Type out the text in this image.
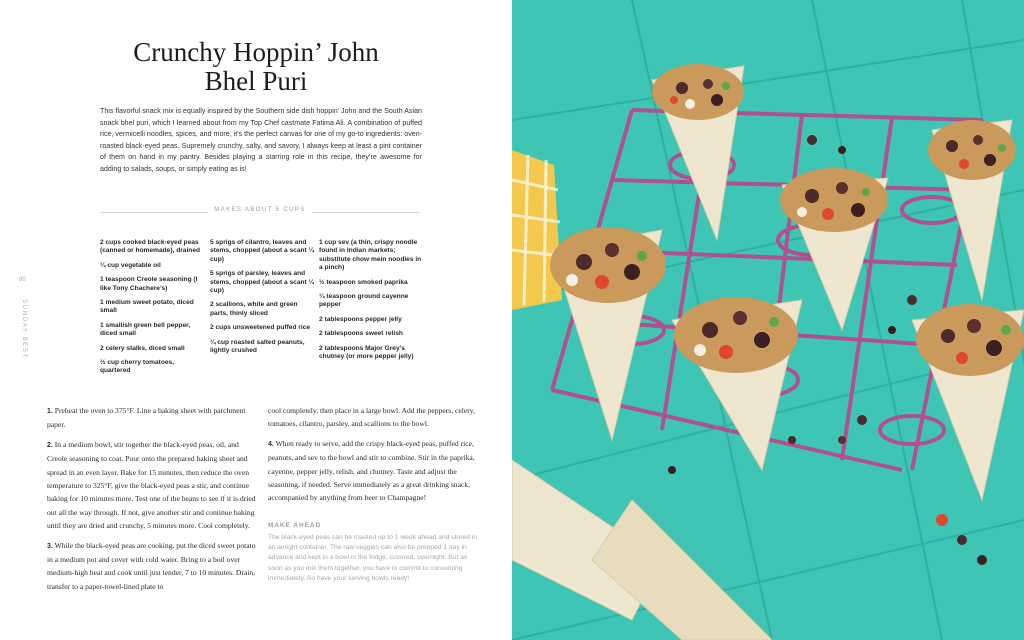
Crunchy Hoppin’ John
Bhel Puri
This flavorful snack mix is equally inspired by the Southern side dish hoppin’ John and the South Asian snack bhel puri, which I learned about from my Top Chef castmate Fatima Ali. A combination of puffed rice, vermicelli noodles, spices, and more, it’s the perfect canvas for one of my go-to ingredients: oven-roasted black-eyed peas. Supremely crunchy, salty, and savory, I always keep at least a pint container of them on hand in my pantry. Besides playing a starring role in this recipe, they’re awesome for adding to salads, soups, or simply eating as is!
MAKES ABOUT 5 CUPS
2 cups cooked black-eyed peas (canned or homemade), drained
¼ cup vegetable oil
1 teaspoon Creole seasoning (I like Tony Chachere’s)
1 medium sweet potato, diced small
1 smallish green bell pepper, diced small
2 celery stalks, diced small
½ cup cherry tomatoes, quartered
5 sprigs of cilantro, leaves and stems, chopped (about a scant ¼ cup)
5 sprigs of parsley, leaves and stems, chopped (about a scant ¼ cup)
2 scallions, white and green parts, thinly sliced
2 cups unsweetened puffed rice
¼ cup roasted salted peanuts, lightly crushed
1 cup sev (a thin, crispy noodle found in Indian markets; substitute chow mein noodles in a pinch)
½ teaspoon smoked paprika
¼ teaspoon ground cayenne pepper
2 tablespoons pepper jelly
2 tablespoons sweet relish
2 tablespoons Major Grey’s chutney (or more pepper jelly)
80
SUNDAY BEST

1. Preheat the oven to 375°F. Line a baking sheet with parchment paper.

2. In a medium bowl, stir together the black-eyed peas, oil, and Creole seasoning to coat. Pour onto the prepared baking sheet and spread in an even layer. Bake for 15 minutes, then reduce the oven temperature to 325°F, give the black-eyed peas a stir, and continue baking for 10 minutes more. Test one of the beans to see if it is dried out all the way through. If not, give another stir and continue baking until they are dried and crunchy, 5 minutes more. Cool completely.

3. While the black-eyed peas are cooking, put the diced sweet potato in a medium pot and cover with cold water. Bring to a boil over medium-high heat and cook until just tender, 7 to 10 minutes. Drain, transfer to a paper-towel-lined plate to

cool completely, then place in a large bowl. Add the peppers, celery, tomatoes, cilantro, parsley, and scallions to the bowl.

4. When ready to serve, add the crispy black-eyed peas, puffed rice, peanuts, and sev to the bowl and stir to combine. Stir in the paprika, cayenne, pepper jelly, relish, and chutney. Taste and adjust the seasoning, if needed. Serve immediately as a great drinking snack, accompanied by anything from beer to Champagne!

MAKE AHEAD
The black-eyed peas can be roasted up to 1 week ahead and stored in an airtight container. The raw veggies can also be prepped 1 day in advance and kept in a bowl in the fridge, covered, overnight. But as soon as you mix them together, you have to commit to consuming immediately. So have your serving bowls ready!
